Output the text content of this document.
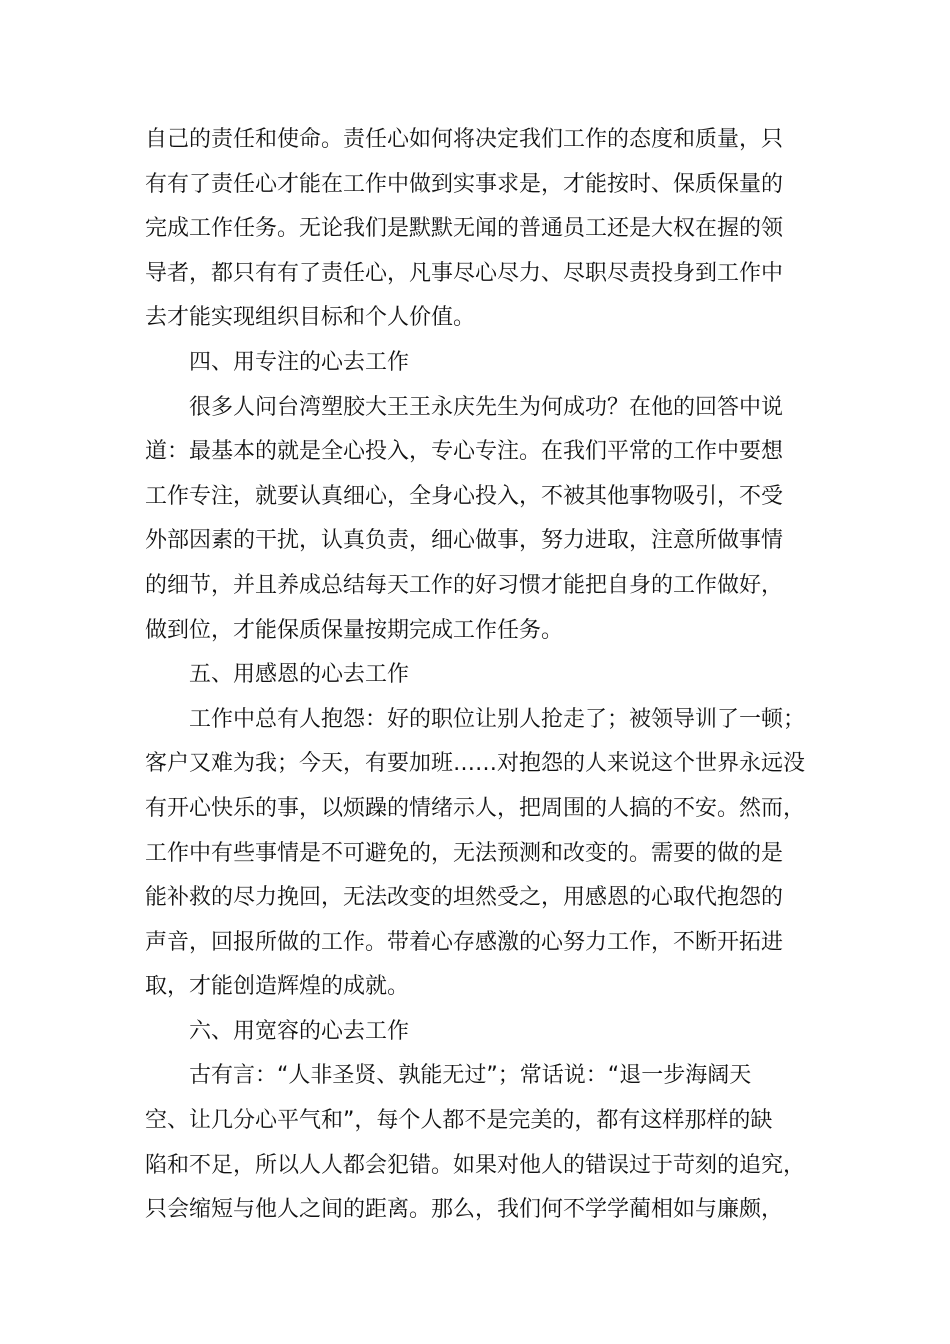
自己的责任和使命。责任心如何将决定我们工作的态度和质量，只
有有了责任心才能在工作中做到实事求是，才能按时、保质保量的
完成工作任务。无论我们是默默无闻的普通员工还是大权在握的领
导者，都只有有了责任心，凡事尽心尽力、尽职尽责投身到工作中
去才能实现组织目标和个人价值。
四、用专注的心去工作
很多人问台湾塑胶大王王永庆先生为何成功？在他的回答中说
道：最基本的就是全心投入，专心专注。在我们平常的工作中要想
工作专注，就要认真细心，全身心投入，不被其他事物吸引，不受
外部因素的干扰，认真负责，细心做事，努力进取，注意所做事情
的细节，并且养成总结每天工作的好习惯才能把自身的工作做好，
做到位，才能保质保量按期完成工作任务。
五、用感恩的心去工作
工作中总有人抱怨：好的职位让别人抢走了；被领导训了一顿；
客户又难为我；今天，有要加班……对抱怨的人来说这个世界永远没
有开心快乐的事，以烦躁的情绪示人，把周围的人搞的不安。然而，
工作中有些事情是不可避免的，无法预测和改变的。需要的做的是
能补救的尽力挽回，无法改变的坦然受之，用感恩的心取代抱怨的
声音，回报所做的工作。带着心存感激的心努力工作，不断开拓进
取，才能创造辉煌的成就。
六、用宽容的心去工作
古有言：“人非圣贤、孰能无过”；常话说：“退一步海阔天
空、让几分心平气和”，每个人都不是完美的，都有这样那样的缺
陷和不足，所以人人都会犯错。如果对他人的错误过于苛刻的追究，
只会缩短与他人之间的距离。那么，我们何不学学蔺相如与廉颇，
